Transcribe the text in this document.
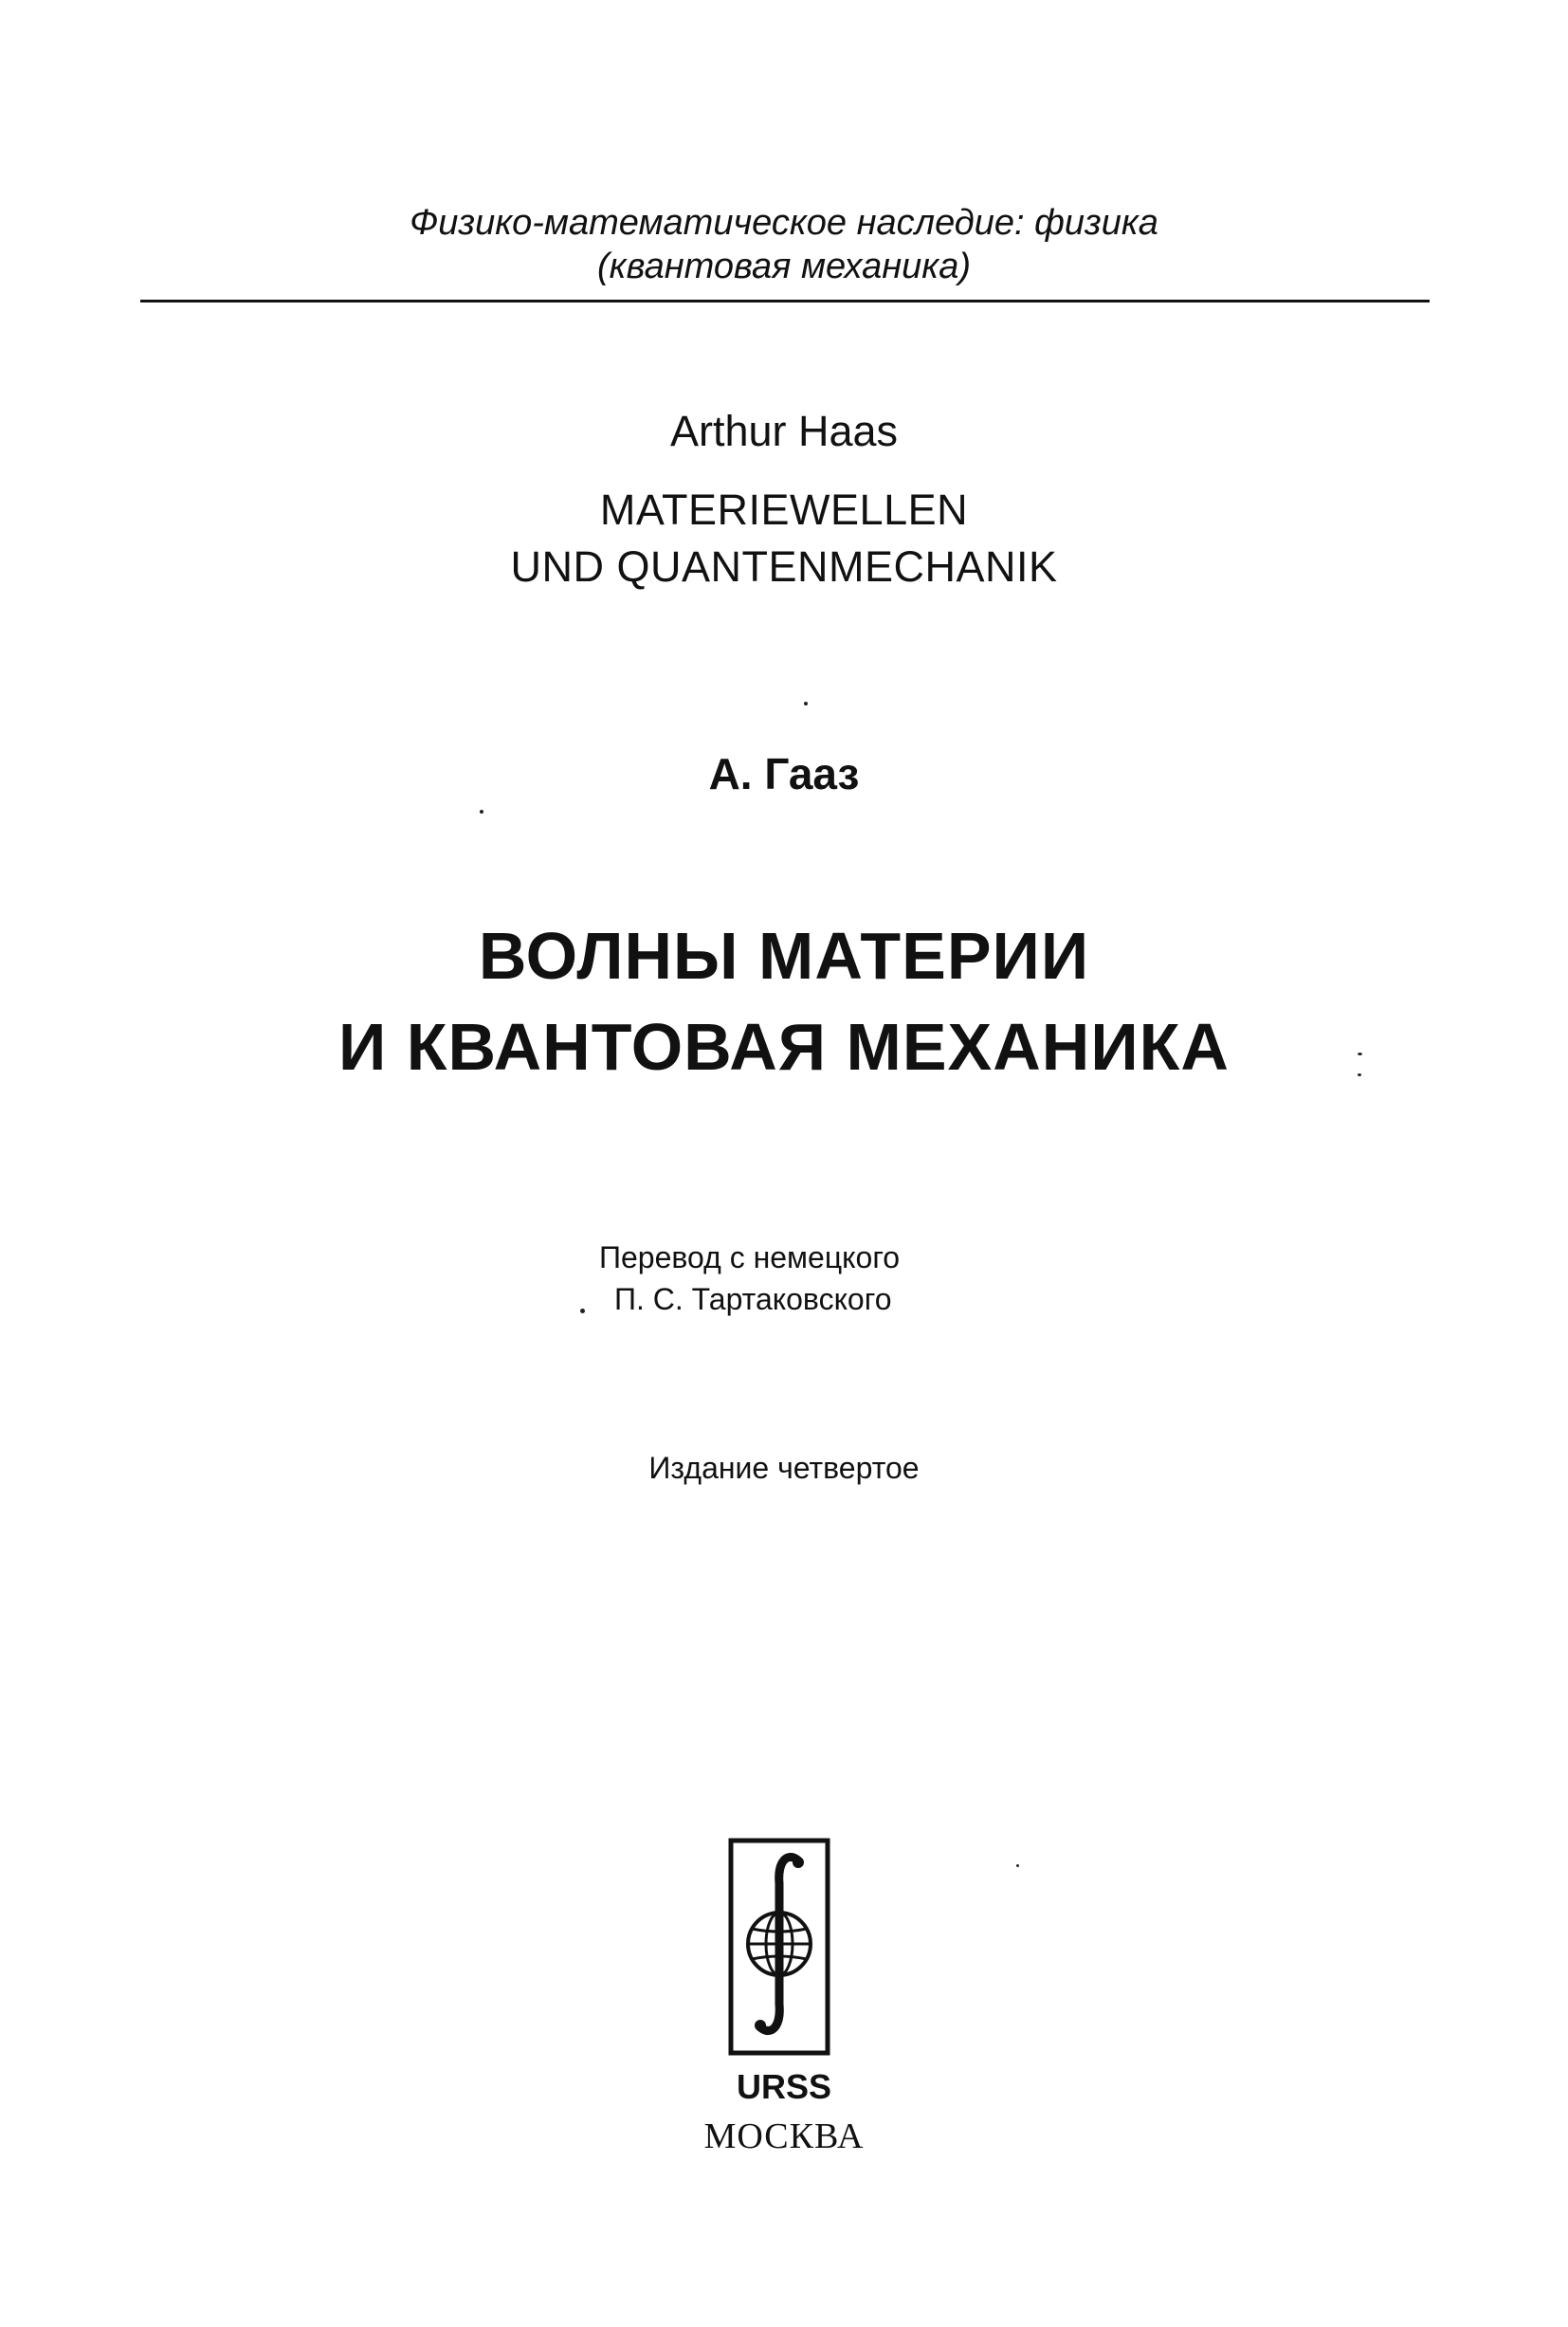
Физико-математическое наследие: физика
(квантовая механика)
Arthur Haas
MATERIEWELLEN
UND QUANTENMECHANIK
А. Гааз
ВОЛНЫ МАТЕРИИ
И КВАНТОВАЯ МЕХАНИКА
Перевод с немецкого
П. С. Тартаковского
Издание четвертое
URSS
МОСКВА
